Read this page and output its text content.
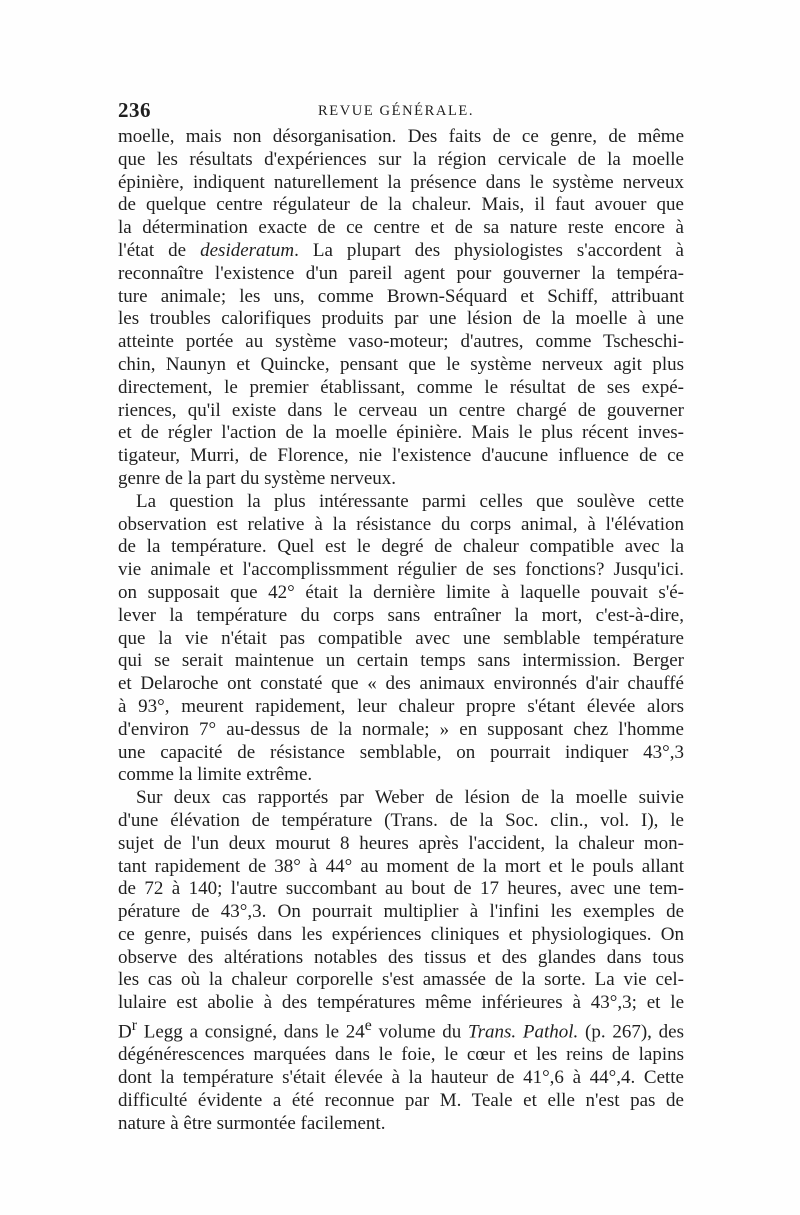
236	REVUE GÉNÉRALE.

moelle, mais non désorganisation. Des faits de ce genre, de même

que les résultats d'expériences sur la région cervicale de la moelle

épinière, indiquent naturellement la présence dans le système nerveux

de quelque centre régulateur de la chaleur. Mais, il faut avouer que

la détermination exacte de ce centre et de sa nature reste encore à

l'état de desideratum. La plupart des physiologistes s'accordent à

reconnaître l'existence d'un pareil agent pour gouverner la tempéra-

ture animale; les uns, comme Brown-Séquard et Schiff, attribuant

les troubles calorifiques produits par une lésion de la moelle à une

atteinte portée au système vaso-moteur; d'autres, comme Tscheschi-

chin, Naunyn et Quincke, pensant que le système nerveux agit plus

directement, le premier établissant, comme le résultat de ses expé-

riences, qu'il existe dans le cerveau un centre chargé de gouverner

et de régler l'action de la moelle épinière. Mais le plus récent inves-

tigateur, Murri, de Florence, nie l'existence d'aucune influence de ce

genre de la part du système nerveux.

La question la plus intéressante parmi celles que soulève cette

observation est relative à la résistance du corps animal, à l'élévation

de la température. Quel est le degré de chaleur compatible avec la

vie animale et l'accomplissmment régulier de ses fonctions? Jusqu'ici.

on supposait que 42° était la dernière limite à laquelle pouvait s'é-

lever la température du corps sans entraîner la mort, c'est-à-dire,

que la vie n'était pas compatible avec une semblable température

qui se serait maintenue un certain temps sans intermission. Berger

et Delaroche ont constaté que « des animaux environnés d'air chauffé

à 93°, meurent rapidement, leur chaleur propre s'étant élevée alors

d'environ 7° au-dessus de la normale; » en supposant chez l'homme

une capacité de résistance semblable, on pourrait indiquer 43°,3

comme la limite extrême.

Sur deux cas rapportés par Weber de lésion de la moelle suivie

d'une élévation de température (Trans. de la Soc. clin., vol. I), le

sujet de l'un deux mourut 8 heures après l'accident, la chaleur mon-

tant rapidement de 38° à 44° au moment de la mort et le pouls allant

de 72 à 140; l'autre succombant au bout de 17 heures, avec une tem-

pérature de 43°,3. On pourrait multiplier à l'infini les exemples de

ce genre, puisés dans les expériences cliniques et physiologiques. On

observe des altérations notables des tissus et des glandes dans tous

les cas où la chaleur corporelle s'est amassée de la sorte. La vie cel-

lulaire est abolie à des températures même inférieures à 43°,3; et le

$D^r$ Legg a consigné, dans le 24e volume du Trans. Pathol. (p. 267), des

dégénérescences marquées dans le foie, le cœur et les reins de lapins

dont la température s'était élevée à la hauteur de 41°,6 à 44°,4. Cette

difficulté évidente a été reconnue par M. Teale et elle n'est pas de

nature à être surmontée facilement.
